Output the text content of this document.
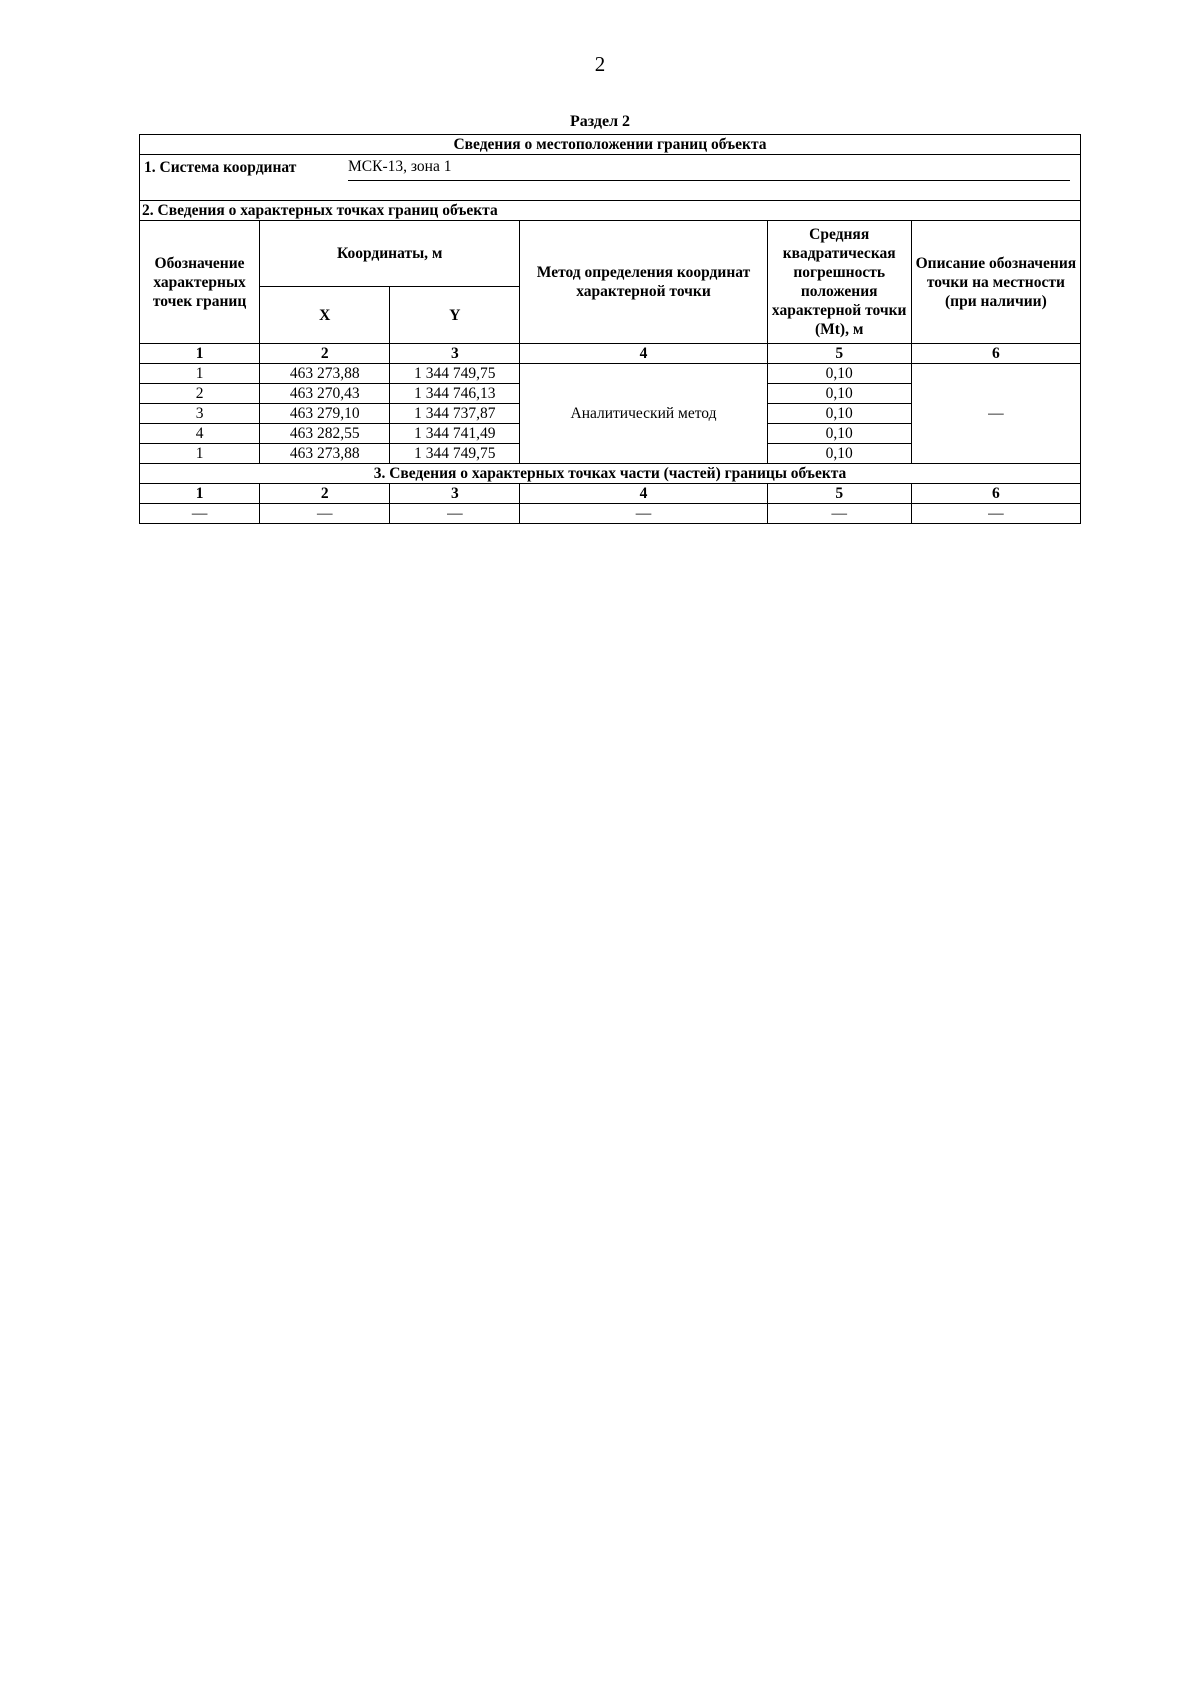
2
Раздел 2
Сведения о местоположении границ объекта					

1. Система координат МСК-13, зона 1					

2. Сведения о характерных точках границ объекта					
Обозначение характерных точек границ	Координаты, м		Метод определения координат характерной точки	Средняя квадратическая погрешность положения характерной точки (Mt), м	Описание обозначения точки на местности (при наличии)
	X	Y			
1	2	3	4	5	6
1	463 273,88	1 344 749,75	Аналитический метод	0,10	—
2	463 270,43	1 344 746,13		0,10	
3	463 279,10	1 344 737,87		0,10	
4	463 282,55	1 344 741,49		0,10	
1	463 273,88	1 344 749,75		0,10	
3. Сведения о характерных точках части (частей) границы объекта					
1	2	3	4	5	6
—	—	—	—	—	—
